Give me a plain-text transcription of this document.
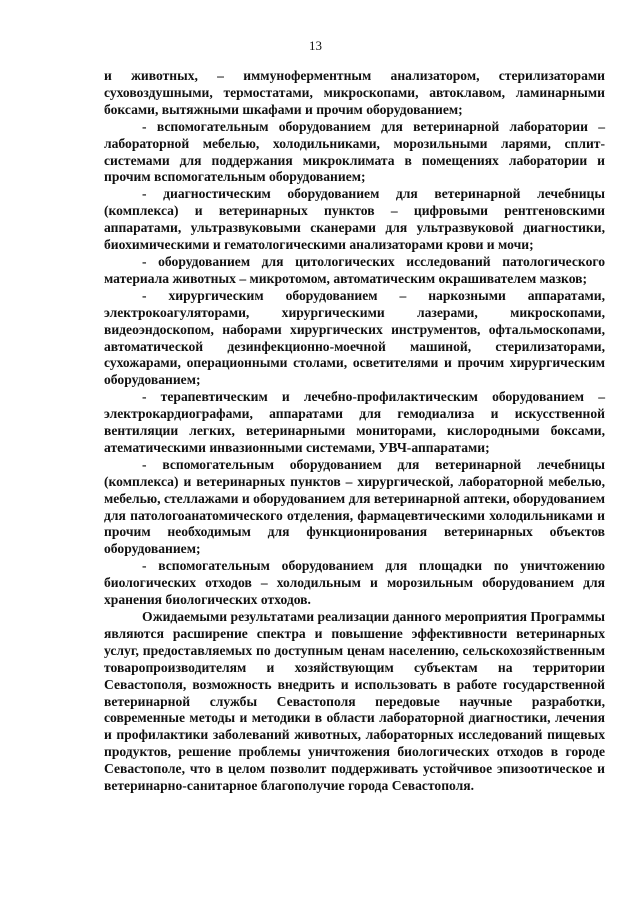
13

и животных, – иммуноферментным анализатором, стерилизаторами суховоздушными, термостатами, микроскопами, автоклавом, ламинарными боксами, вытяжными шкафами и прочим оборудованием;

- вспомогательным оборудованием для ветеринарной лаборатории – лабораторной мебелью, холодильниками, морозильными ларями, сплит-системами для поддержания микроклимата в помещениях лаборатории и прочим вспомогательным оборудованием;

- диагностическим оборудованием для ветеринарной лечебницы (комплекса) и ветеринарных пунктов – цифровыми рентгеновскими аппаратами, ультразвуковыми сканерами для ультразвуковой диагностики, биохимическими и гематологическими анализаторами крови и мочи;

- оборудованием для цитологических исследований патологического материала животных – микротомом, автоматическим окрашивателем мазков;

- хирургическим оборудованием – наркозными аппаратами, электрокоагуляторами, хирургическими лазерами, микроскопами, видеоэндоскопом, наборами хирургических инструментов, офтальмоскопами, автоматической дезинфекционно-моечной машиной, стерилизаторами, сухожарами, операционными столами, осветителями и прочим хирургическим оборудованием;

- терапевтическим и лечебно-профилактическим оборудованием – электрокардиографами, аппаратами для гемодиализа и искусственной вентиляции легких, ветеринарными мониторами, кислородными боксами, атематическими инвазионными системами, УВЧ-аппаратами;

- вспомогательным оборудованием для ветеринарной лечебницы (комплекса) и ветеринарных пунктов – хирургической, лабораторной мебелью, мебелью, стеллажами и оборудованием для ветеринарной аптеки, оборудованием для патологоанатомического отделения, фармацевтическими холодильниками и прочим необходимым для функционирования ветеринарных объектов оборудованием;

- вспомогательным оборудованием для площадки по уничтожению биологических отходов – холодильным и морозильным оборудованием для хранения биологических отходов.

Ожидаемыми результатами реализации данного мероприятия Программы являются расширение спектра и повышение эффективности ветеринарных услуг, предоставляемых по доступным ценам населению, сельскохозяйственным товаропроизводителям и хозяйствующим субъектам на территории Севастополя, возможность внедрить и использовать в работе государственной ветеринарной службы Севастополя передовые научные разработки, современные методы и методики в области лабораторной диагностики, лечения и профилактики заболеваний животных, лабораторных исследований пищевых продуктов, решение проблемы уничтожения биологических отходов в городе Севастополе, что в целом позволит поддерживать устойчивое эпизоотическое и ветеринарно-санитарное благополучие города Севастополя.
